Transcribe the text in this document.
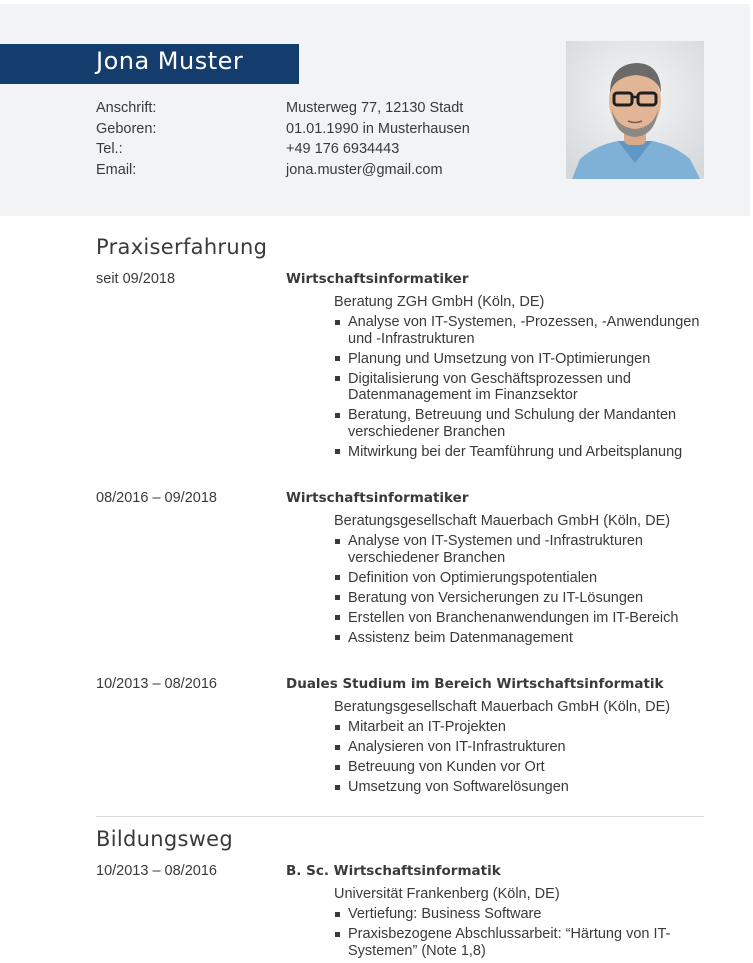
Jona Muster
Anschrift:	Musterweg 77, 12130 Stadt
Geboren:	01.01.1990 in Musterhausen
Tel.:	+49 176 6934443
Email:	jona.muster@gmail.com
Praxiserfahrung
seit 09/2018	Wirtschaftsinformatiker
Beratung ZGH GmbH (Köln, DE)
Analyse von IT-Systemen, -Prozessen, -Anwendungen und -Infrastrukturen
Planung und Umsetzung von IT-Optimierungen
Digitalisierung von Geschäftsprozessen und Datenmanagement im Finanzsektor
Beratung, Betreuung und Schulung der Mandanten verschiedener Branchen
Mitwirkung bei der Teamführung und Arbeitsplanung
08/2016 – 09/2018	Wirtschaftsinformatiker
Beratungsgesellschaft Mauerbach GmbH (Köln, DE)
Analyse von IT-Systemen und -Infrastrukturen verschiedener Branchen
Definition von Optimierungspotentialen
Beratung von Versicherungen zu IT-Lösungen
Erstellen von Branchenanwendungen im IT-Bereich
Assistenz beim Datenmanagement
10/2013 – 08/2016	Duales Studium im Bereich Wirtschaftsinformatik
Beratungsgesellschaft Mauerbach GmbH (Köln, DE)
Mitarbeit an IT-Projekten
Analysieren von IT-Infrastrukturen
Betreuung von Kunden vor Ort
Umsetzung von Softwarelösungen
Bildungsweg
10/2013 – 08/2016	B. Sc. Wirtschaftsinformatik
Universität Frankenberg (Köln, DE)
Vertiefung: Business Software
Praxisbezogene Abschlussarbeit: “Härtung von IT-Systemen” (Note 1,8)
